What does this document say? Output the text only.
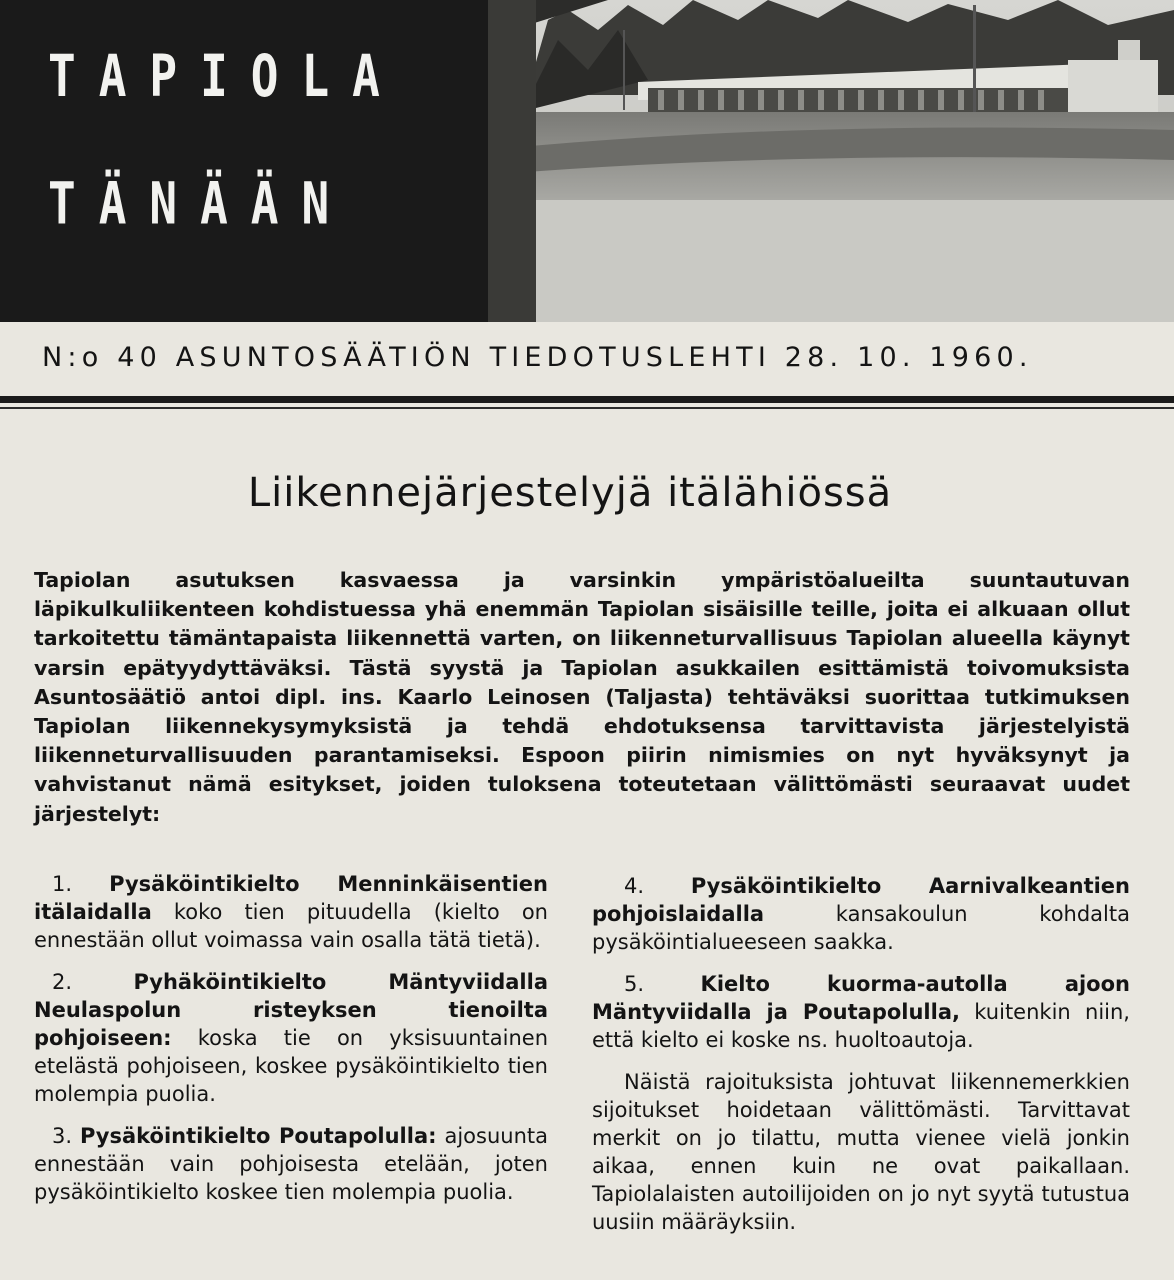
TAPIOLA
TÄNÄÄN
N:o 40 ASUNTOSÄÄTIÖN TIEDOTUSLEHTI 28. 10. 1960.
Liikennejärjestelyjä itälähiössä
Tapiolan asutuksen kasvaessa ja varsinkin ympäristöalueilta suuntautuvan läpikulkuliikenteen kohdistuessa yhä enemmän Tapiolan sisäisille teille, joita ei alkuaan ollut tarkoitettu tämäntapaista liikennettä varten, on liikenneturvallisuus Tapiolan alueella käynyt varsin epätyydyttäväksi. Tästä syystä ja Tapiolan asukkailen esittämistä toivomuksista Asuntosäätiö antoi dipl. ins. Kaarlo Leinosen (Taljasta) tehtäväksi suorittaa tutkimuksen Tapiolan liikennekysymyksistä ja tehdä ehdotuksensa tarvittavista järjestelyistä liikenneturvallisuuden parantamiseksi. Espoon piirin nimismies on nyt hyväksynyt ja vahvistanut nämä esitykset, joiden tuloksena toteutetaan välittömästi seuraavat uudet järjestelyt:

1. Pysäköintikielto Menninkäisentien itälaidalla koko tien pituudella (kielto on ennestään ollut voimassa vain osalla tätä tietä).

2.	Pyhäköintikielto Mäntyviidalla Neulaspolun risteyksen tienoilta pohjoiseen: koska tie on yksisuuntainen etelästä pohjoiseen, koskee pysäköintikielto tien molempia puolia.

3. Pysäköintikielto Poutapolulla: ajosuunta ennestään vain pohjoisesta etelään, joten pysäköintikielto koskee tien molempia puolia.

4. Pysäköintikielto Aarnivalkeantien pohjoislaidalla kansakoulun kohdalta pysäköintialueeseen saakka.

5.	Kielto kuorma-autolla ajoon Mäntyviidalla ja Poutapolulla, kuitenkin niin, että kielto ei koske ns. huoltoautoja.

Näistä rajoituksista johtuvat liikennemerkkien sijoitukset hoidetaan välittömästi. Tarvittavat merkit on jo tilattu, mutta vienee vielä jonkin aikaa, ennen kuin ne ovat paikallaan. Tapiolalaisten autoilijoiden on jo nyt syytä tutustua uusiin määräyksiin.
